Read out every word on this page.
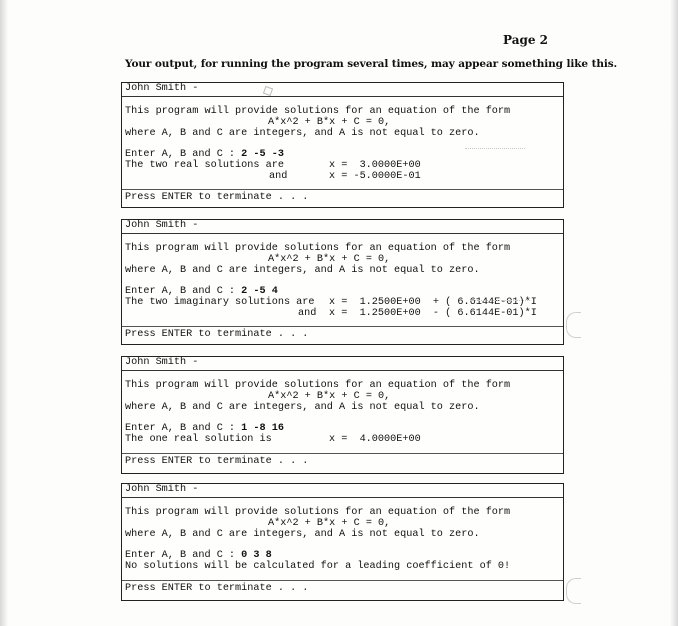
Page 2
Your output, for running the program several times, may appear something like this.
John Smith -
This program will provide solutions for an equation of the form
A*x^2 + B*x + C = 0,
where A, B and C are integers, and A is not equal to zero.
Enter A, B and C : 2 -5 -3
The two real solutions are	x =  3.0000E+00
and	x = -5.0000E-01
Press ENTER to terminate . . .
John Smith -
This program will provide solutions for an equation of the form
A*x^2 + B*x + C = 0,
where A, B and C are integers, and A is not equal to zero.
Enter A, B and C : 2 -5 4
The two imaginary solutions are x =  1.2500E+00  + ( 6.6144E-01)*I
and x =  1.2500E+00  - ( 6.6144E-01)*I
Press ENTER to terminate . . .
John Smith -
This program will provide solutions for an equation of the form
A*x^2 + B*x + C = 0,
where A, B and C are integers, and A is not equal to zero.
Enter A, B and C : 1 -8 16
The one real solution is	x =  4.0000E+00
Press ENTER to terminate . . .
John Smith -
This program will provide solutions for an equation of the form
A*x^2 + B*x + C = 0,
where A, B and C are integers, and A is not equal to zero.
Enter A, B and C : 0 3 8
No solutions will be calculated for a leading coefficient of 0!
Press ENTER to terminate . . .
